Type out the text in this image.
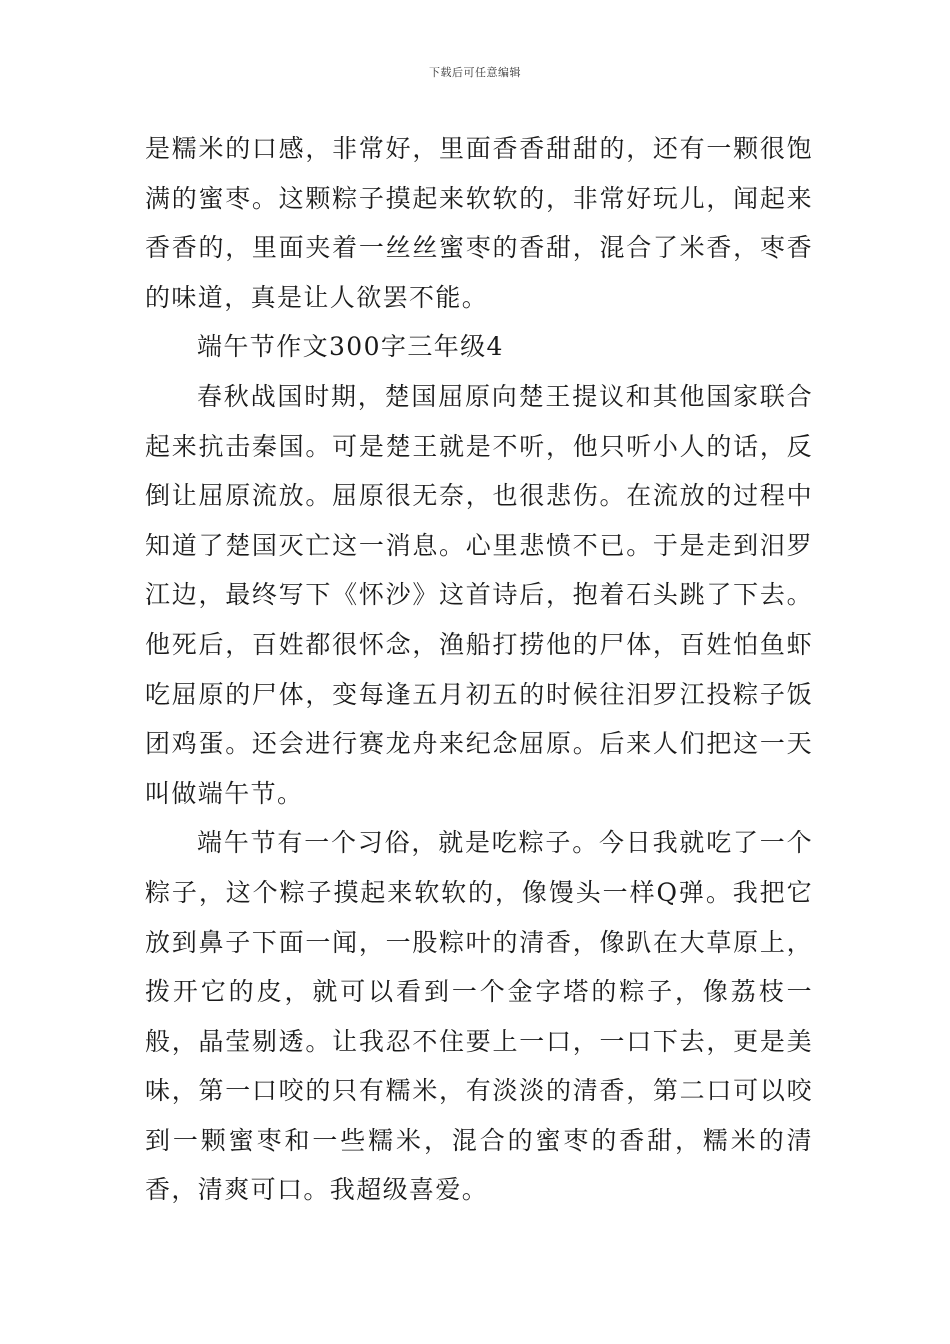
下载后可任意编辑

是糯米的口感，非常好，里面香香甜甜的，还有一颗很饱满的蜜枣。这颗粽子摸起来软软的，非常好玩儿，闻起来香香的，里面夹着一丝丝蜜枣的香甜，混合了米香，枣香的味道，真是让人欲罢不能。

端午节作文300字三年级4

春秋战国时期，楚国屈原向楚王提议和其他国家联合起来抗击秦国。可是楚王就是不听，他只听小人的话，反倒让屈原流放。屈原很无奈，也很悲伤。在流放的过程中知道了楚国灭亡这一消息。心里悲愤不已。于是走到汨罗江边，最终写下《怀沙》这首诗后，抱着石头跳了下去。他死后，百姓都很怀念，渔船打捞他的尸体，百姓怕鱼虾吃屈原的尸体，变每逢五月初五的时候往汨罗江投粽子饭团鸡蛋。还会进行赛龙舟来纪念屈原。后来人们把这一天叫做端午节。

端午节有一个习俗，就是吃粽子。今日我就吃了一个粽子，这个粽子摸起来软软的，像馒头一样Q弹。我把它放到鼻子下面一闻，一股粽叶的清香，像趴在大草原上，拨开它的皮，就可以看到一个金字塔的粽子，像荔枝一般，晶莹剔透。让我忍不住要上一口，一口下去，更是美味，第一口咬的只有糯米，有淡淡的清香，第二口可以咬到一颗蜜枣和一些糯米，混合的蜜枣的香甜，糯米的清香，清爽可口。我超级喜爱。
